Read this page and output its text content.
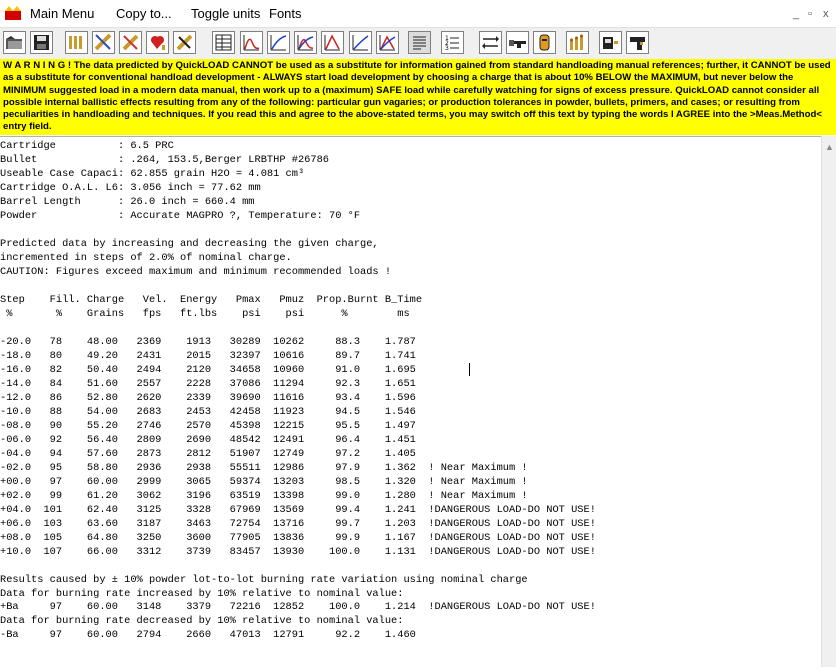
Main Menu Copy to... Toggle units Fonts	_ ▫ x
1
2
3
W A R N I N G ! The data predicted by QuickLOAD CANNOT be used as a substitute for information gained from standard handloading manual references; further, it CANNOT be used as a substitute for conventional handload development - ALWAYS start load development by choosing a charge that is about 10% BELOW the MAXIMUM, but never below the MINIMUM suggested load in a modern data manual, then work up to a (maximum) SAFE load while carefully watching for signs of excess pressure. QuickLOAD cannot consider all possible internal ballistic effects resulting from any of the following: particular gun vagaries; or production tolerances in powder, bullets, primers, and cases; or resulting from peculiarities in handloading and techniques. If you read this and agree to the above-stated terms, you may switch off this text by typing the words I AGREE into the >Meas.Method< entry field.
Cartridge          : 6.5 PRC
Bullet             : .264, 153.5,Berger LRBTHP #26786
Useable Case Capaci: 62.855 grain H2O = 4.081 cm³
Cartridge O.A.L. L6: 3.056 inch = 77.62 mm
Barrel Length      : 26.0 inch = 660.4 mm
Powder             : Accurate MAGPRO ?, Temperature: 70 °F

Predicted data by increasing and decreasing the given charge,
incremented in steps of 2.0% of nominal charge.
CAUTION: Figures exceed maximum and minimum recommended loads !

Step    Fill. Charge   Vel.  Energy   Pmax   Pmuz  Prop.Burnt B_Time
%       %    Grains   fps   ft.lbs    psi    psi      %        ms

-20.0   78    48.00   2369    1913   30289  10262     88.3    1.787
-18.0   80    49.20   2431    2015   32397  10616     89.7    1.741
-16.0   82    50.40   2494    2120   34658  10960     91.0    1.695
-14.0   84    51.60   2557    2228   37086  11294     92.3    1.651
-12.0   86    52.80   2620    2339   39690  11616     93.4    1.596
-10.0   88    54.00   2683    2453   42458  11923     94.5    1.546
-08.0   90    55.20   2746    2570   45398  12215     95.5    1.497
-06.0   92    56.40   2809    2690   48542  12491     96.4    1.451
-04.0   94    57.60   2873    2812   51907  12749     97.2    1.405
-02.0   95    58.80   2936    2938   55511  12986     97.9    1.362  ! Near Maximum !
+00.0   97    60.00   2999    3065   59374  13203     98.5    1.320  ! Near Maximum !
+02.0   99    61.20   3062    3196   63519  13398     99.0    1.280  ! Near Maximum !
+04.0  101    62.40   3125    3328   67969  13569     99.4    1.241  !DANGEROUS LOAD-DO NOT USE!
+06.0  103    63.60   3187    3463   72754  13716     99.7    1.203  !DANGEROUS LOAD-DO NOT USE!
+08.0  105    64.80   3250    3600   77905  13836     99.9    1.167  !DANGEROUS LOAD-DO NOT USE!
+10.0  107    66.00   3312    3739   83457  13930    100.0    1.131  !DANGEROUS LOAD-DO NOT USE!

Results caused by ± 10% powder lot-to-lot burning rate variation using nominal charge
Data for burning rate increased by 10% relative to nominal value:
+Ba     97    60.00   3148    3379   72216  12852    100.0    1.214  !DANGEROUS LOAD-DO NOT USE!
Data for burning rate decreased by 10% relative to nominal value:
-Ba     97    60.00   2794    2660   47013  12791     92.2    1.460

▲
